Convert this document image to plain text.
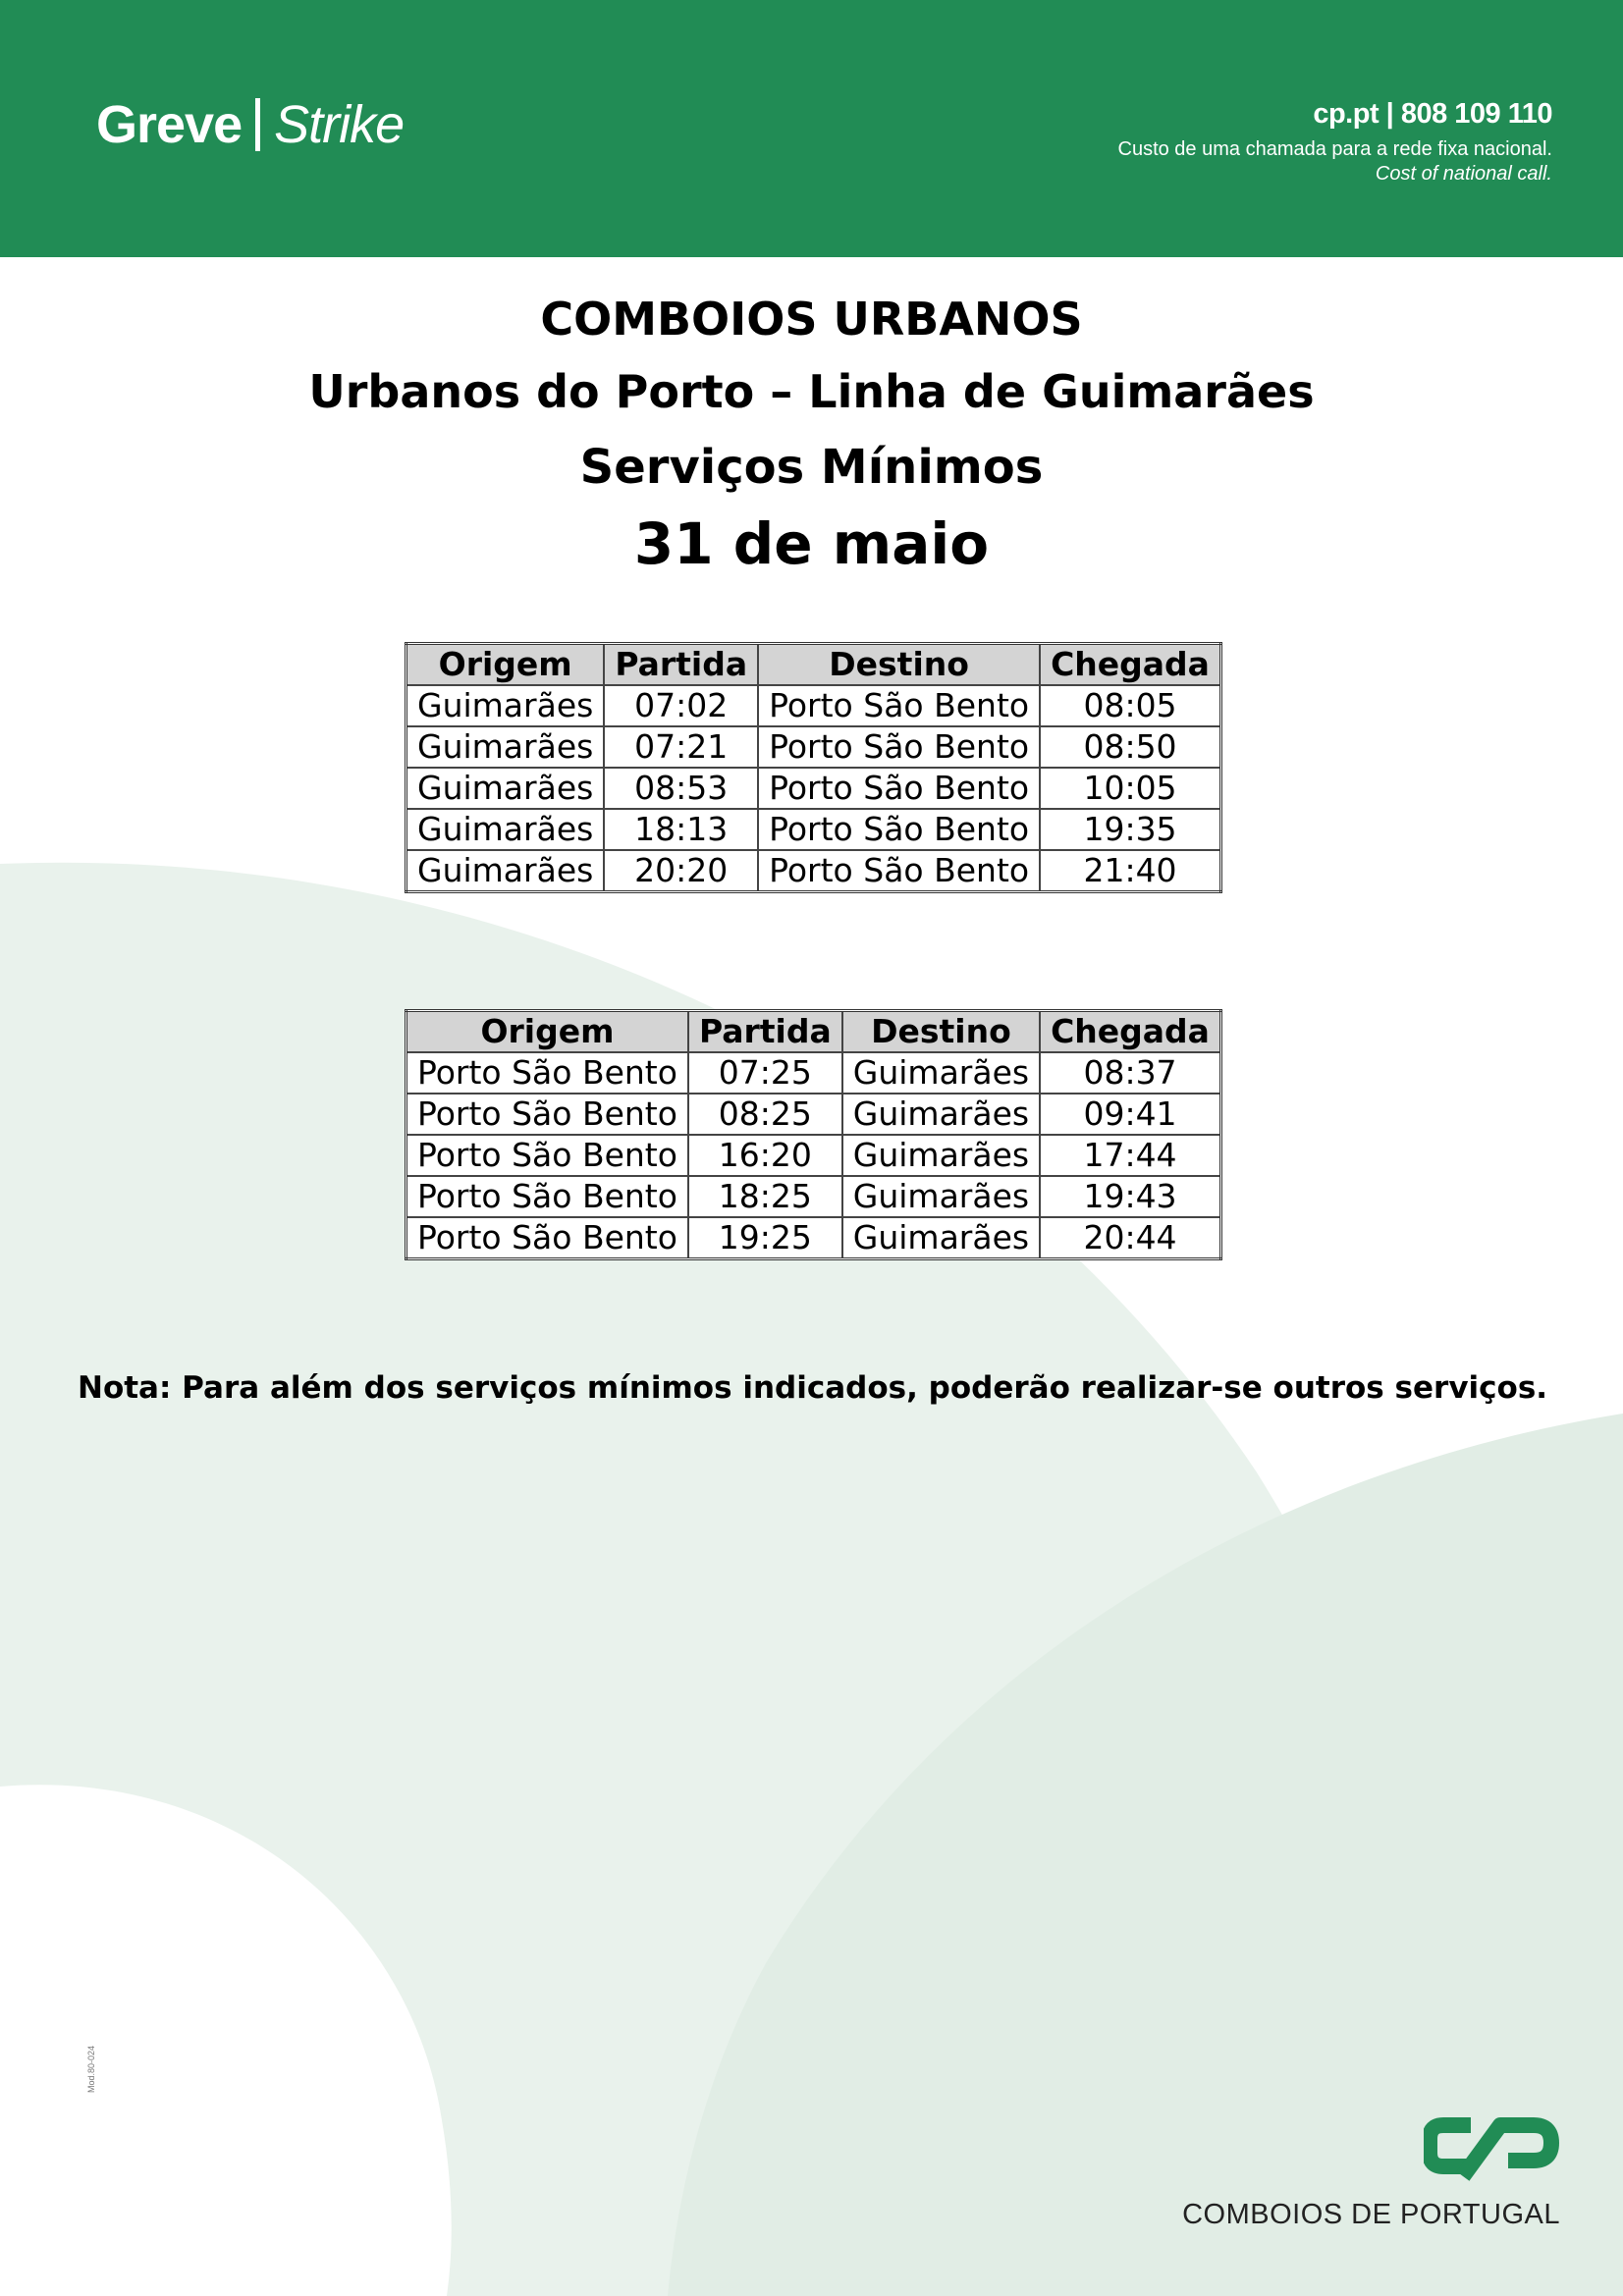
Greve Strike	cp.pt | 808 109 110
Custo de uma chamada para a rede fixa nacional.
Cost of national call.
COMBOIOS URBANOS
Urbanos do Porto – Linha de Guimarães
Serviços Mínimos
31 de maio
Origem	Partida	Destino	Chegada
Guimarães	07:02	Porto São Bento	08:05
Guimarães	07:21	Porto São Bento	08:50
Guimarães	08:53	Porto São Bento	10:05
Guimarães	18:13	Porto São Bento	19:35
Guimarães	20:20	Porto São Bento	21:40
Origem	Partida	Destino	Chegada
Porto São Bento	07:25	Guimarães	08:37
Porto São Bento	08:25	Guimarães	09:41
Porto São Bento	16:20	Guimarães	17:44
Porto São Bento	18:25	Guimarães	19:43
Porto São Bento	19:25	Guimarães	20:44
Nota: Para além dos serviços mínimos indicados, poderão realizar-se outros serviços.
Mod.80-024
COMBOIOS DE PORTUGAL
